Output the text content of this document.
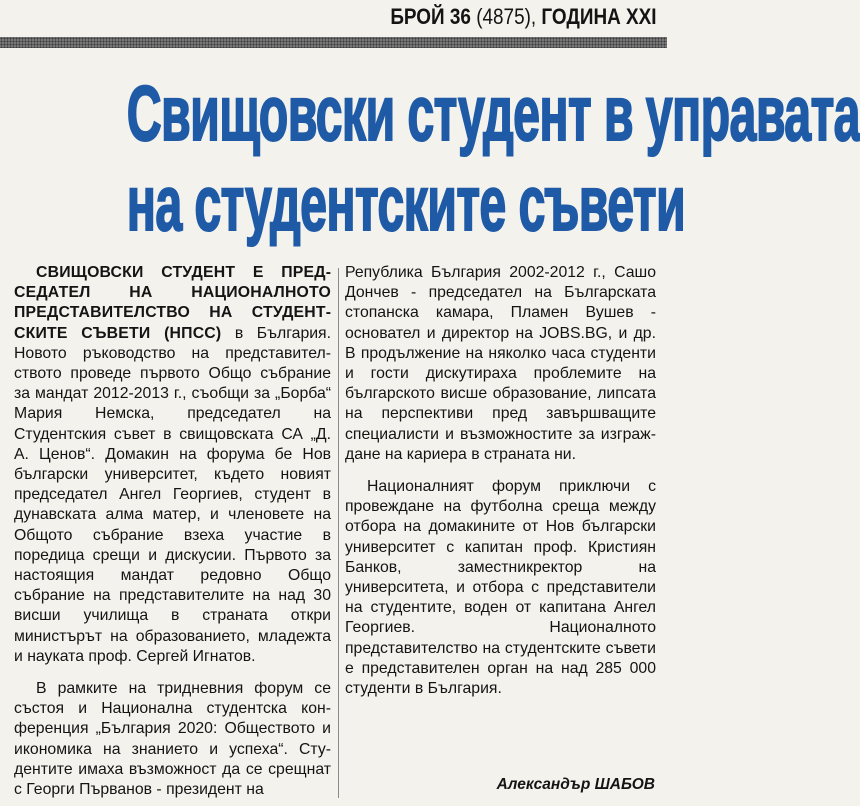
БРОЙ 36 (4875), ГОДИНА XXI
Свищовски студент в управата
на студентските съвети

СВИЩОВСКИ СТУДЕНТ Е ПРЕДСЕДАТЕЛ НА НАЦИОНАЛНОТО ПРЕДСТАВИТЕЛСТВО НА СТУДЕНТСКИТЕ СЪВЕТИ (НПСС) в България. Новото ръководство на представителството проведе първото Общо събрание за мандат 2012-2013 г., съобщи за „Борба“ Мария Немска, председател на Студентския съвет в свищовската СА „Д. А. Ценов“. Домакин на форума бе Нов български университет, където новият председател Ангел Георгиев, студент в дунавската алма матер, и членовете на Общото събрание взеха участие в поредица срещи и дискусии. Първото за настоящия мандат редовно Общо събрание на представителите на над 30 висши училища в страната откри министърът на образованието, младежта и науката проф. Сергей Игнатов.

В рамките на тридневния форум се състоя и Национална студентска конференция „България 2020: Обществото и икономика на знанието и успеха“. Студентите имаха възможност да се срещнат с Георги Първанов - президент на

Република България 2002-2012 г., Сашо Дончев - председател на Българската стопанска камара, Пламен Вушев - основател и директор на JOBS.BG, и др. В продължение на няколко часа студенти и гости дискутираха проблемите на българското висше образование, липсата на перспективи пред завършващите специалисти и възможностите за изграждане на кариера в страната ни.

Националният форум приключи с провеждане на футболна среща между отбора на домакините от Нов български университет с капитан проф. Кристиян Банков, заместникректор на университета, и отбора с представители на студентите, воден от капитана Ангел Георгиев. Националното представителство на студентските съвети е представителен орган на над 285 000 студенти в България.

Александър ШАБОВ
